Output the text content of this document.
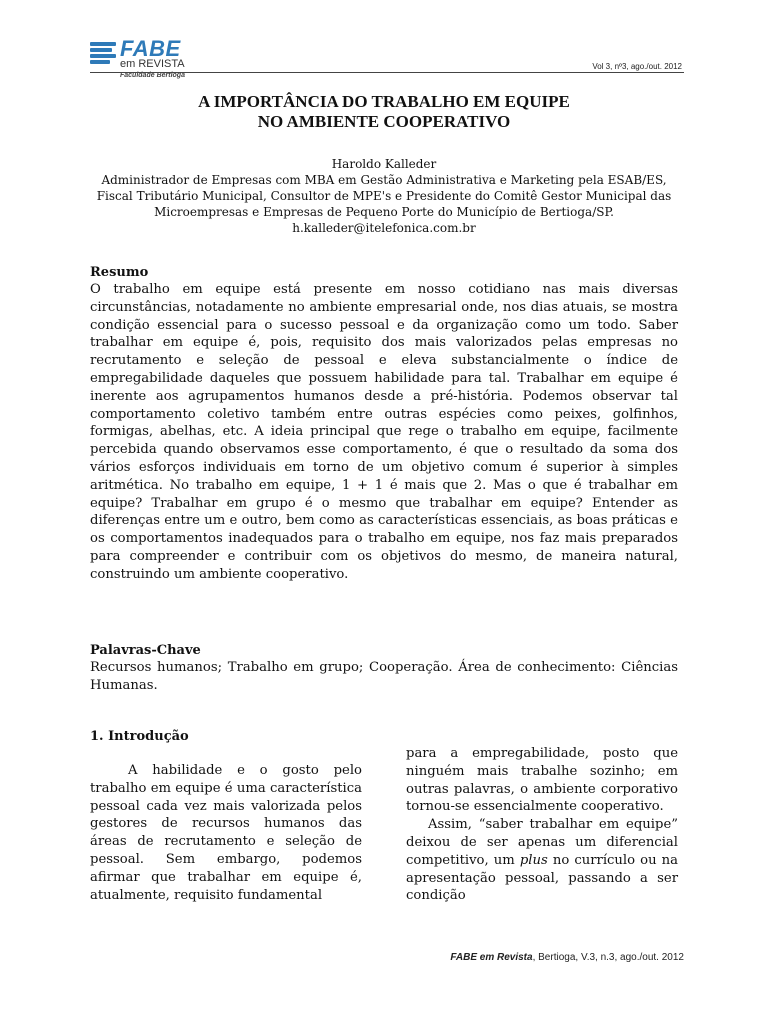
FABE
em REVISTA
Faculdade Bertioga
Vol 3, nº3, ago./out. 2012
A IMPORTÂNCIA DO TRABALHO EM EQUIPE
NO AMBIENTE COOPERATIVO
Haroldo Kalleder
Administrador de Empresas com MBA em Gestão Administrativa e Marketing pela ESAB/ES, Fiscal Tributário Municipal, Consultor de MPE's e Presidente do Comitê Gestor Municipal das Microempresas e Empresas de Pequeno Porte do Município de Bertioga/SP.
h.kalleder@itelefonica.com.br
Resumo
O trabalho em equipe está presente em nosso cotidiano nas mais diversas circunstâncias, notadamente no ambiente empresarial onde, nos dias atuais, se mostra condição essencial para o sucesso pessoal e da organização como um todo. Saber trabalhar em equipe é, pois, requisito dos mais valorizados pelas empresas no recrutamento e seleção de pessoal e eleva substancialmente o índice de empregabilidade daqueles que possuem habilidade para tal. Trabalhar em equipe é inerente aos agrupamentos humanos desde a pré-história. Podemos observar tal comportamento coletivo também entre outras espécies como peixes, golfinhos, formigas, abelhas, etc. A ideia principal que rege o trabalho em equipe, facilmente percebida quando observamos esse comportamento, é que o resultado da soma dos vários esforços individuais em torno de um objetivo comum é superior à simples aritmética. No trabalho em equipe, 1 + 1 é mais que 2. Mas o que é trabalhar em equipe? Trabalhar em grupo é o mesmo que trabalhar em equipe? Entender as diferenças entre um e outro, bem como as características essenciais, as boas práticas e os comportamentos inadequados para o trabalho em equipe, nos faz mais preparados para compreender e contribuir com os objetivos do mesmo, de maneira natural, construindo um ambiente cooperativo.
Palavras-Chave
Recursos humanos; Trabalho em grupo; Cooperação. Área de conhecimento: Ciências Humanas.
1. Introdução
A habilidade e o gosto pelo trabalho em equipe é uma característica pessoal cada vez mais valorizada pelos gestores de recursos humanos das áreas de recrutamento e seleção de pessoal. Sem embargo, podemos afirmar que trabalhar em equipe é, atualmente, requisito fundamental
para a empregabilidade, posto que ninguém mais trabalhe sozinho; em outras palavras, o ambiente corporativo tornou-se essencialmente cooperativo.
Assim, “saber trabalhar em equipe” deixou de ser apenas um diferencial competitivo, um plus no currículo ou na apresentação pessoal, passando a ser condição
FABE em Revista, Bertioga, V.3, n.3, ago./out. 2012
